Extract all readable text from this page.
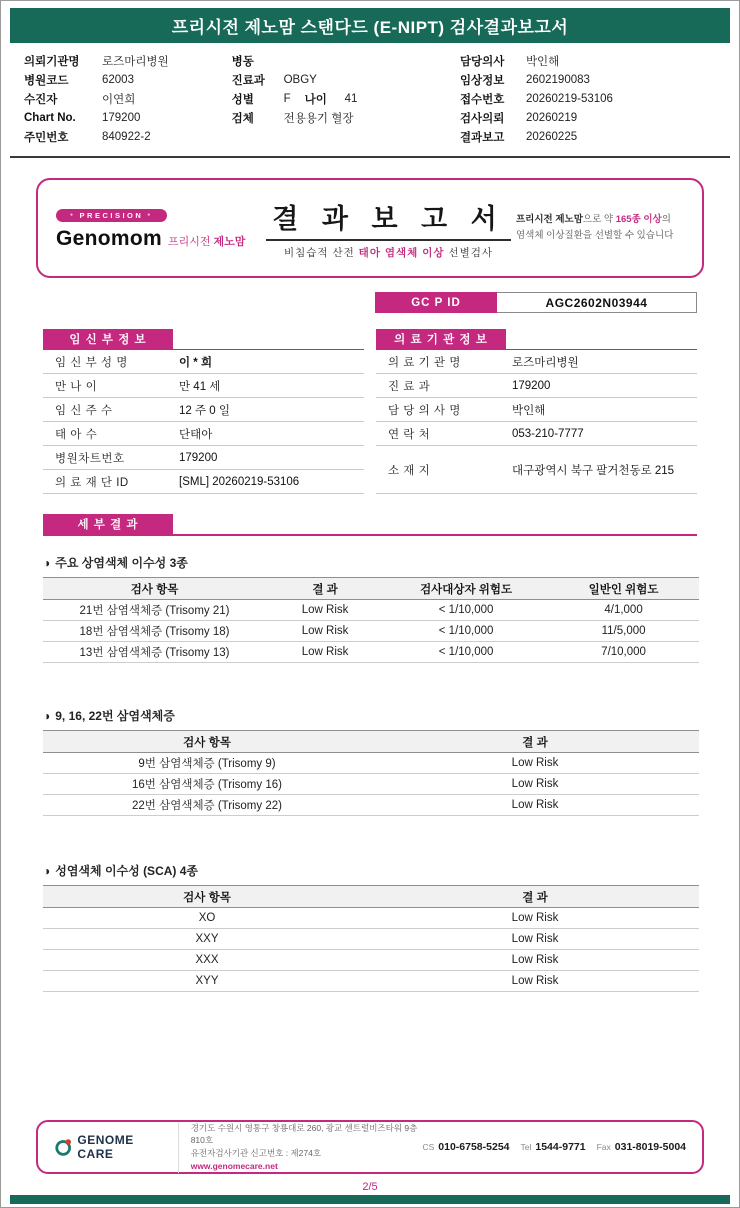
프리시전 제노맘 스탠다드 (E-NIPT) 검사결과보고서
의뢰기관명	로즈마리병원
병원코드	62003
수진자	이연희
Chart No.	179200
주민번호	840922-2
병동
진료과	OBGY
성별	F 나이	41
검체	전용용기 혈장
담당의사	박인해
임상정보	2602190083
접수번호	20260219-53106
검사의뢰	20260219
결과보고	20260225
● PRECISION ●
Genomom 프리시전 제노맘
결 과 보 고 서
비침습적 산전 태아 염색체 이상 선별검사
프리시전 제노맘으로 약 165종 이상의
염색체 이상질환을 선별할 수 있습니다
GC P ID	AGC2602N03944
임 신 부 정 보
임 신 부 성 명	이 * 희
만 나 이	만 41 세
임 신 주 수	12 주 0 일
태 아 수	단태아
병원차트번호	179200
의 료 재 단 ID	[SML] 20260219-53106
의 료 기 관 정 보
의 료 기 관 명	로즈마리병원
진 료 과	179200
담 당 의 사 명	박인해
연 락 처	053-210-7777
소 재 지	대구광역시 북구 팔거천동로 215
세 부 결 과
◑ 주요 상염색체 이수성 3종
검사 항목	결 과	검사대상자 위험도	일반인 위험도
21번 삼염색체증 (Trisomy 21)	Low Risk	< 1/10,000	4/1,000
18번 삼염색체증 (Trisomy 18)	Low Risk	< 1/10,000	11/5,000
13번 삼염색체증 (Trisomy 13)	Low Risk	< 1/10,000	7/10,000
◑ 9, 16, 22번 삼염색체증
검사 항목	결 과
9번 삼염색체증 (Trisomy 9)	Low Risk
16번 삼염색체증 (Trisomy 16)	Low Risk
22번 삼염색체증 (Trisomy 22)	Low Risk
◑ 성염색체 이수성 (SCA) 4종
검사 항목	결 과
XO	Low Risk
XXY	Low Risk
XXX	Low Risk
XYY	Low Risk
GENOME CARE
경기도 수원시 영통구 창룡대로 260, 광교 센트럴비즈타워 9층 810호
유전자검사기관 신고번호 : 제274호
www.genomecare.net
CS 010-6758-5254 Tel 1544-9771 Fax 031-8019-5004
2/5
